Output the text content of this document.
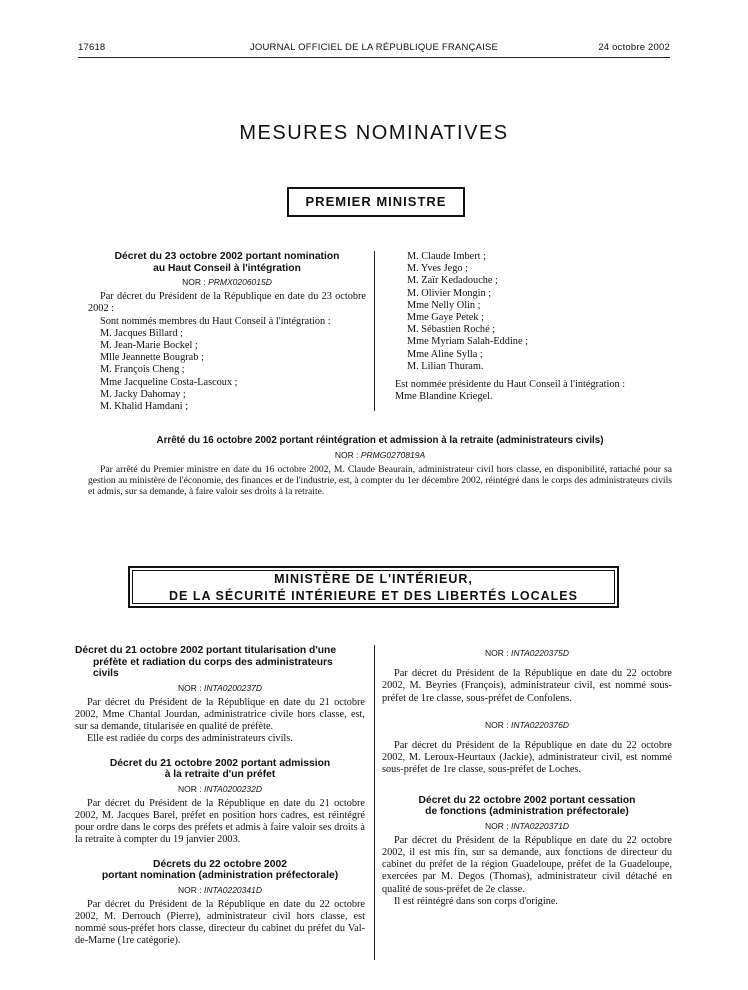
17618	JOURNAL OFFICIEL DE LA RÉPUBLIQUE FRANÇAISE	24 octobre 2002
MESURES NOMINATIVES
PREMIER MINISTRE
Décret du 23 octobre 2002 portant nomination
au Haut Conseil à l'intégration
NOR : PRMX0206015D

Par décret du Président de la République en date du 23 octobre 2002 :

Sont nommés membres du Haut Conseil à l'intégration :

M. Jacques Billard ;

M. Jean-Marie Bockel ;

Mlle Jeannette Bougrab ;

M. François Cheng ;

Mme Jacqueline Costa-Lascoux ;

M. Jacky Dahomay ;

M. Khalid Hamdani ;

M. Claude Imbert ;

M. Yves Jego ;

M. Zaïr Kedadouche ;

M. Olivier Mongin ;

Mme Nelly Olin ;

Mme Gaye Petek ;

M. Sébastien Roché ;

Mme Myriam Salah-Eddine ;

Mme Aline Sylla ;

M. Lilian Thuram.

Est nommée présidente du Haut Conseil à l'intégration :

Mme Blandine Kriegel.

Arrêté du 16 octobre 2002 portant réintégration et admission à la retraite (administrateurs civils)
NOR : PRMG0270819A

Par arrêté du Premier ministre en date du 16 octobre 2002, M. Claude Beaurain, administrateur civil hors classe, en disponibilité, rattaché pour sa gestion au ministère de l'économie, des finances et de l'industrie, est, à compter du 1er décembre 2002, réintégré dans le corps des administrateurs civils et admis, sur sa demande, à faire valoir ses droits à la retraite.

MINISTÈRE DE L'INTÉRIEUR,
DE LA SÉCURITÉ INTÉRIEURE ET DES LIBERTÉS LOCALES
Décret du 21 octobre 2002 portant titularisation d'une
préfète et radiation du corps des administrateurs
civils
NOR : INTA0200237D

Par décret du Président de la République en date du 21 octobre 2002, Mme Chantal Jourdan, administratrice civile hors classe, est, sur sa demande, titularisée en qualité de préfète.

Elle est radiée du corps des administrateurs civils.

Décret du 21 octobre 2002 portant admission
à la retraite d'un préfet
NOR : INTA0200232D

Par décret du Président de la République en date du 21 octobre 2002, M. Jacques Barel, préfet en position hors cadres, est réintégré pour ordre dans le corps des préfets et admis à faire valoir ses droits à la retraite à compter du 19 janvier 2003.

Décrets du 22 octobre 2002
portant nomination (administration préfectorale)
NOR : INTA0220341D

Par décret du Président de la République en date du 22 octobre 2002, M. Derrouch (Pierre), administrateur civil hors classe, est nommé sous-préfet hors classe, directeur du cabinet du préfet du Val-de-Marne (1re catégorie).

NOR : INTA0220375D

Par décret du Président de la République en date du 22 octobre 2002, M. Beyries (François), administrateur civil, est nommé sous-préfet de 1re classe, sous-préfet de Confolens.

NOR : INTA0220376D

Par décret du Président de la République en date du 22 octobre 2002, M. Leroux-Heurtaux (Jackie), administrateur civil, est nommé sous-préfet de 1re classe, sous-préfet de Loches.

Décret du 22 octobre 2002 portant cessation
de fonctions (administration préfectorale)
NOR : INTA0220371D

Par décret du Président de la République en date du 22 octobre 2002, il est mis fin, sur sa demande, aux fonctions de directeur du cabinet du préfet de la région Guadeloupe, préfet de la Guadeloupe, exercées par M. Degos (Thomas), administrateur civil détaché en qualité de sous-préfet de 2e classe.

Il est réintégré dans son corps d'origine.
